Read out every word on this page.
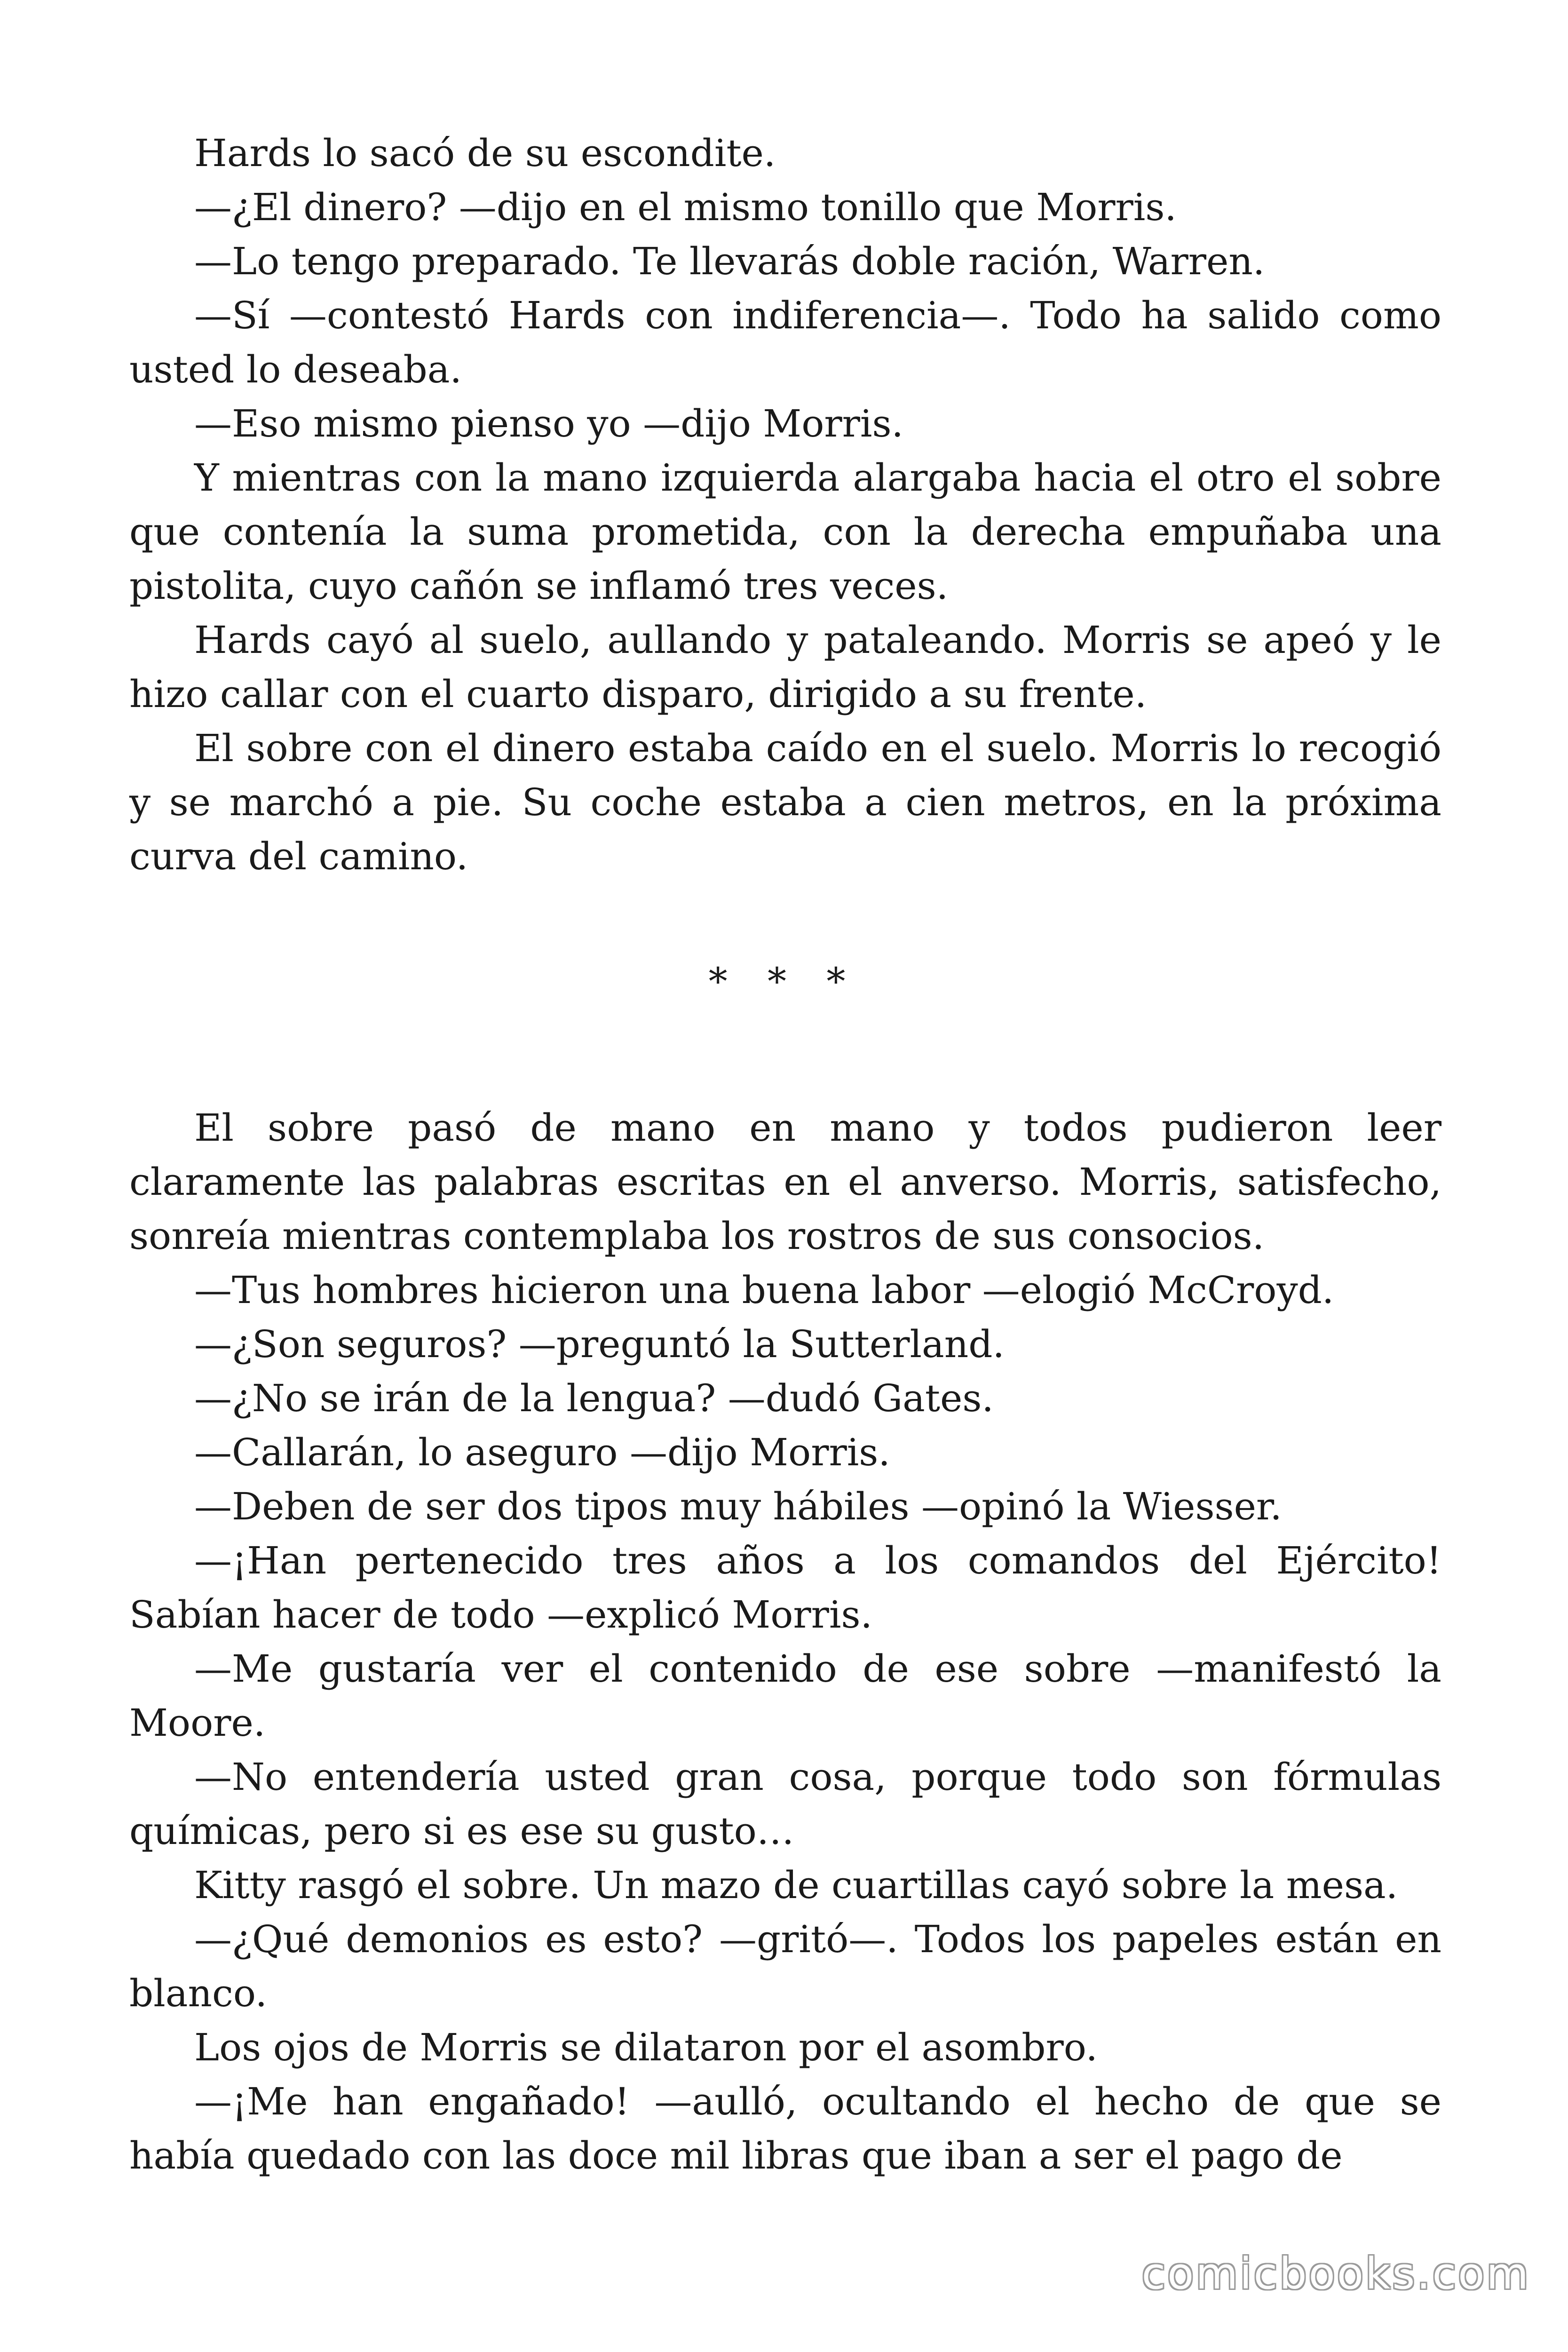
Hards lo sacó de su escondite.

—¿El dinero? —dijo en el mismo tonillo que Morris.

—Lo tengo preparado. Te llevarás doble ración, Warren.

—Sí —contestó Hards con indiferencia—. Todo ha salido como usted lo deseaba.

—Eso mismo pienso yo —dijo Morris.

Y mientras con la mano izquierda alargaba hacia el otro el sobre que contenía la suma prometida, con la derecha empuñaba una pistolita, cuyo cañón se inflamó tres veces.

Hards cayó al suelo, aullando y pataleando. Morris se apeó y le hizo callar con el cuarto disparo, dirigido a su frente.

El sobre con el dinero estaba caído en el suelo. Morris lo recogió y se marchó a pie. Su coche estaba a cien metros, en la próxima curva del camino.

* * *

El sobre pasó de mano en mano y todos pudieron leer claramente las palabras escritas en el anverso. Morris, satisfecho, sonreía mientras contemplaba los rostros de sus consocios.

—Tus hombres hicieron una buena labor —elogió McCroyd.

—¿Son seguros? —preguntó la Sutterland.

—¿No se irán de la lengua? —dudó Gates.

—Callarán, lo aseguro —dijo Morris.

—Deben de ser dos tipos muy hábiles —opinó la Wiesser.

—¡Han pertenecido tres años a los comandos del Ejército! Sabían hacer de todo —explicó Morris.

—Me gustaría ver el contenido de ese sobre —manifestó la Moore.

—No entendería usted gran cosa, porque todo son fórmulas químicas, pero si es ese su gusto…

Kitty rasgó el sobre. Un mazo de cuartillas cayó sobre la mesa.

—¿Qué demonios es esto? —gritó—. Todos los papeles están en blanco.

Los ojos de Morris se dilataron por el asombro.

—¡Me han engañado! —aulló, ocultando el hecho de que se había quedado con las doce mil libras que iban a ser el pago de

comicbooks.com
